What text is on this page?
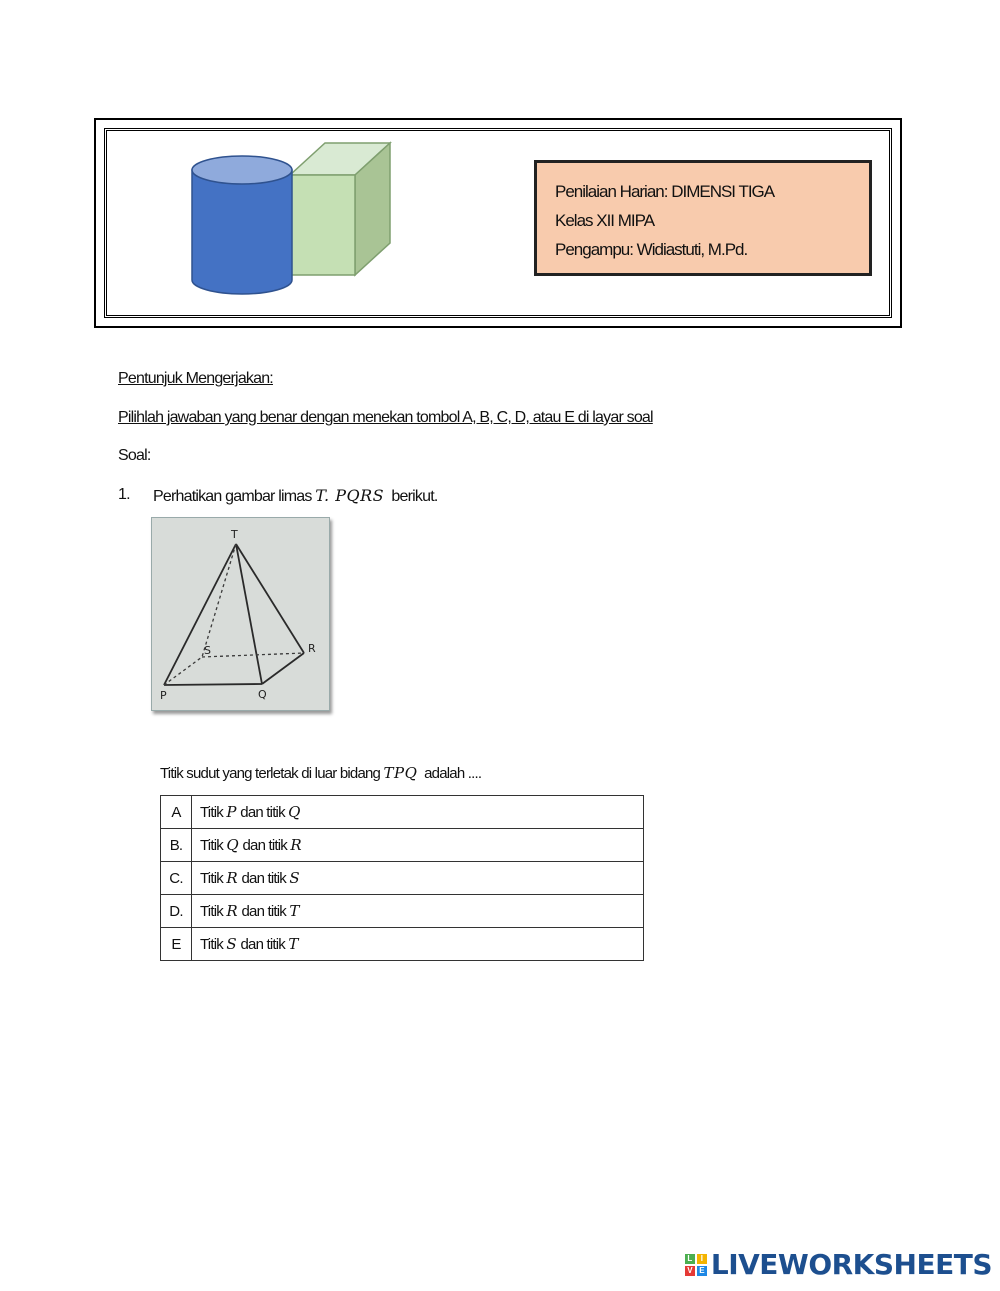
Penilaian Harian: DIMENSI TIGA
Kelas XII MIPA
Pengampu: Widiastuti, M.Pd.
Pentunjuk Mengerjakan:
Pilihlah jawaban yang benar dengan menekan tombol A, B, C, D, atau E di layar soal
Soal:
1. Perhatikan gambar limas T. PQRS berikut.
T
S	R
P	Q
Titik sudut yang terletak di luar bidang TPQ adalah ....
A	Titik P dan titik Q
B.	Titik Q dan titik R
C.	Titik R dan titik S
D.	Titik R dan titik T
E	Titik S dan titik T
L	I
V E LIVEWORKSHEETS
